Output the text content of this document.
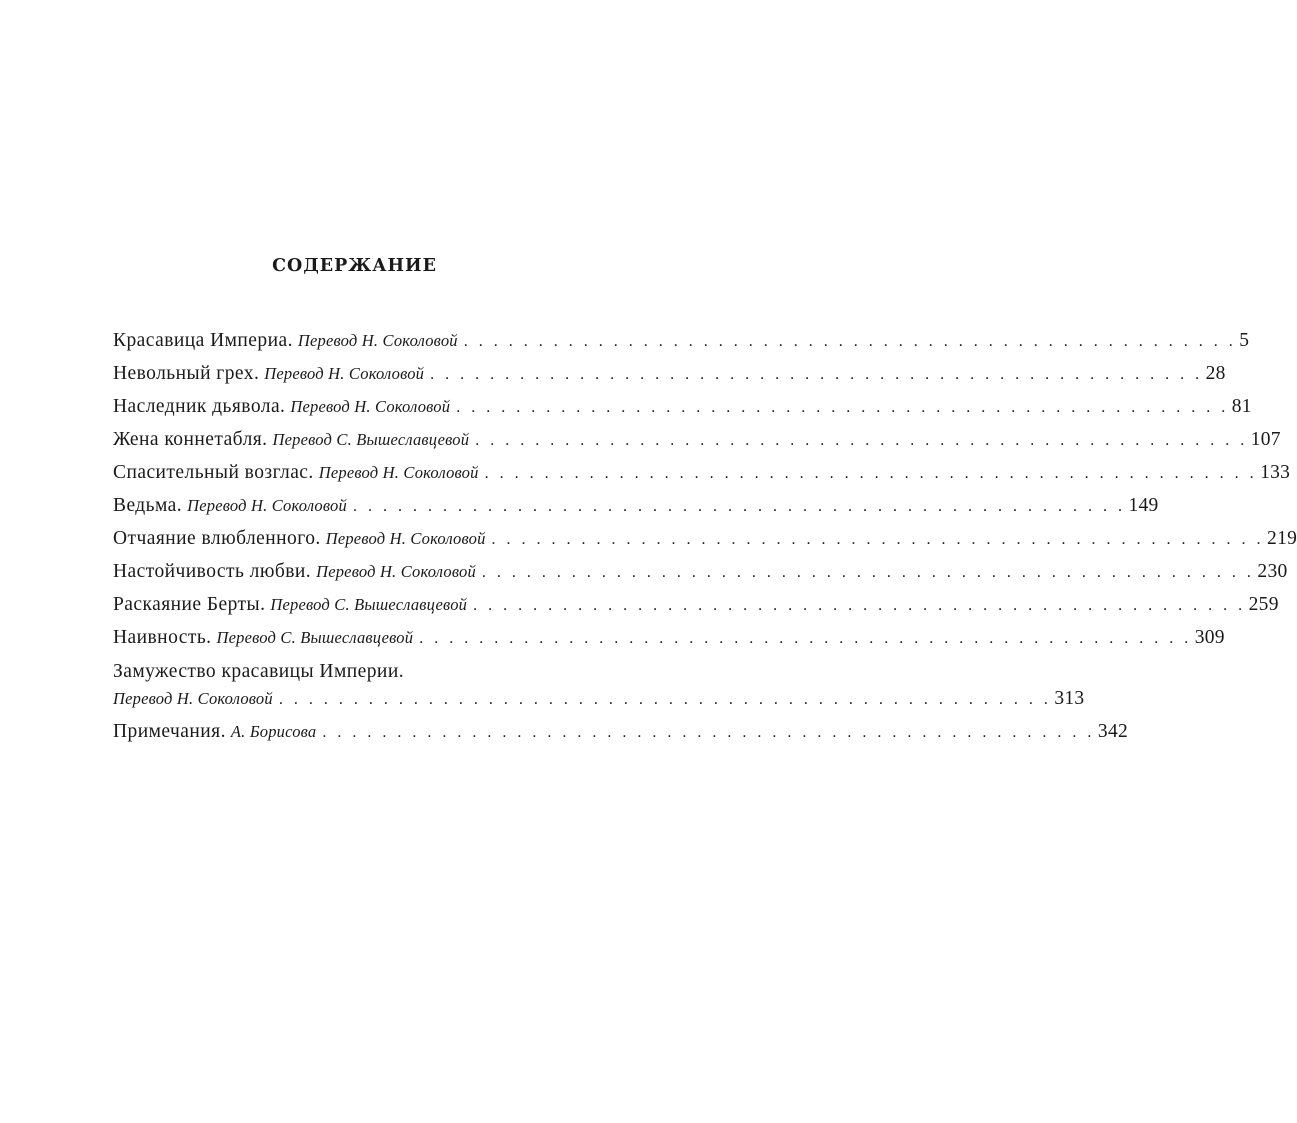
СОДЕРЖАНИЕ
Красавица Империа. Перевод Н. Соколовой . . . . . . . . . . . . . . . . . . . . . . . . . . . . . . . . . . . . . . . . . . . . . . . . . . . . 5
Невольный грех. Перевод Н. Соколовой . . . . . . . . . . . . . . . . . . . . . . . . . . . . . . . . . . . . . . . . . . . . . . . . . . . . 28
Наследник дьявола. Перевод Н. Соколовой . . . . . . . . . . . . . . . . . . . . . . . . . . . . . . . . . . . . . . . . . . . . . . . . . . . . 81
Жена коннетабля. Перевод С. Вышеславцевой . . . . . . . . . . . . . . . . . . . . . . . . . . . . . . . . . . . . . . . . . . . . . . . . . . . . 107
Спасительный возглас. Перевод Н. Соколовой . . . . . . . . . . . . . . . . . . . . . . . . . . . . . . . . . . . . . . . . . . . . . . . . . . . . 133
Ведьма. Перевод Н. Соколовой . . . . . . . . . . . . . . . . . . . . . . . . . . . . . . . . . . . . . . . . . . . . . . . . . . . . 149
Отчаяние влюбленного. Перевод Н. Соколовой . . . . . . . . . . . . . . . . . . . . . . . . . . . . . . . . . . . . . . . . . . . . . . . . . . . . 219
Настойчивость любви. Перевод Н. Соколовой . . . . . . . . . . . . . . . . . . . . . . . . . . . . . . . . . . . . . . . . . . . . . . . . . . . . 230
Раскаяние Берты. Перевод С. Вышеславцевой . . . . . . . . . . . . . . . . . . . . . . . . . . . . . . . . . . . . . . . . . . . . . . . . . . . . 259
Наивность. Перевод С. Вышеславцевой . . . . . . . . . . . . . . . . . . . . . . . . . . . . . . . . . . . . . . . . . . . . . . . . . . . . 309
Замужество красавицы Империи.
Перевод Н. Соколовой . . . . . . . . . . . . . . . . . . . . . . . . . . . . . . . . . . . . . . . . . . . . . . . . . . . . 313
Примечания. А. Борисова . . . . . . . . . . . . . . . . . . . . . . . . . . . . . . . . . . . . . . . . . . . . . . . . . . . . 342
